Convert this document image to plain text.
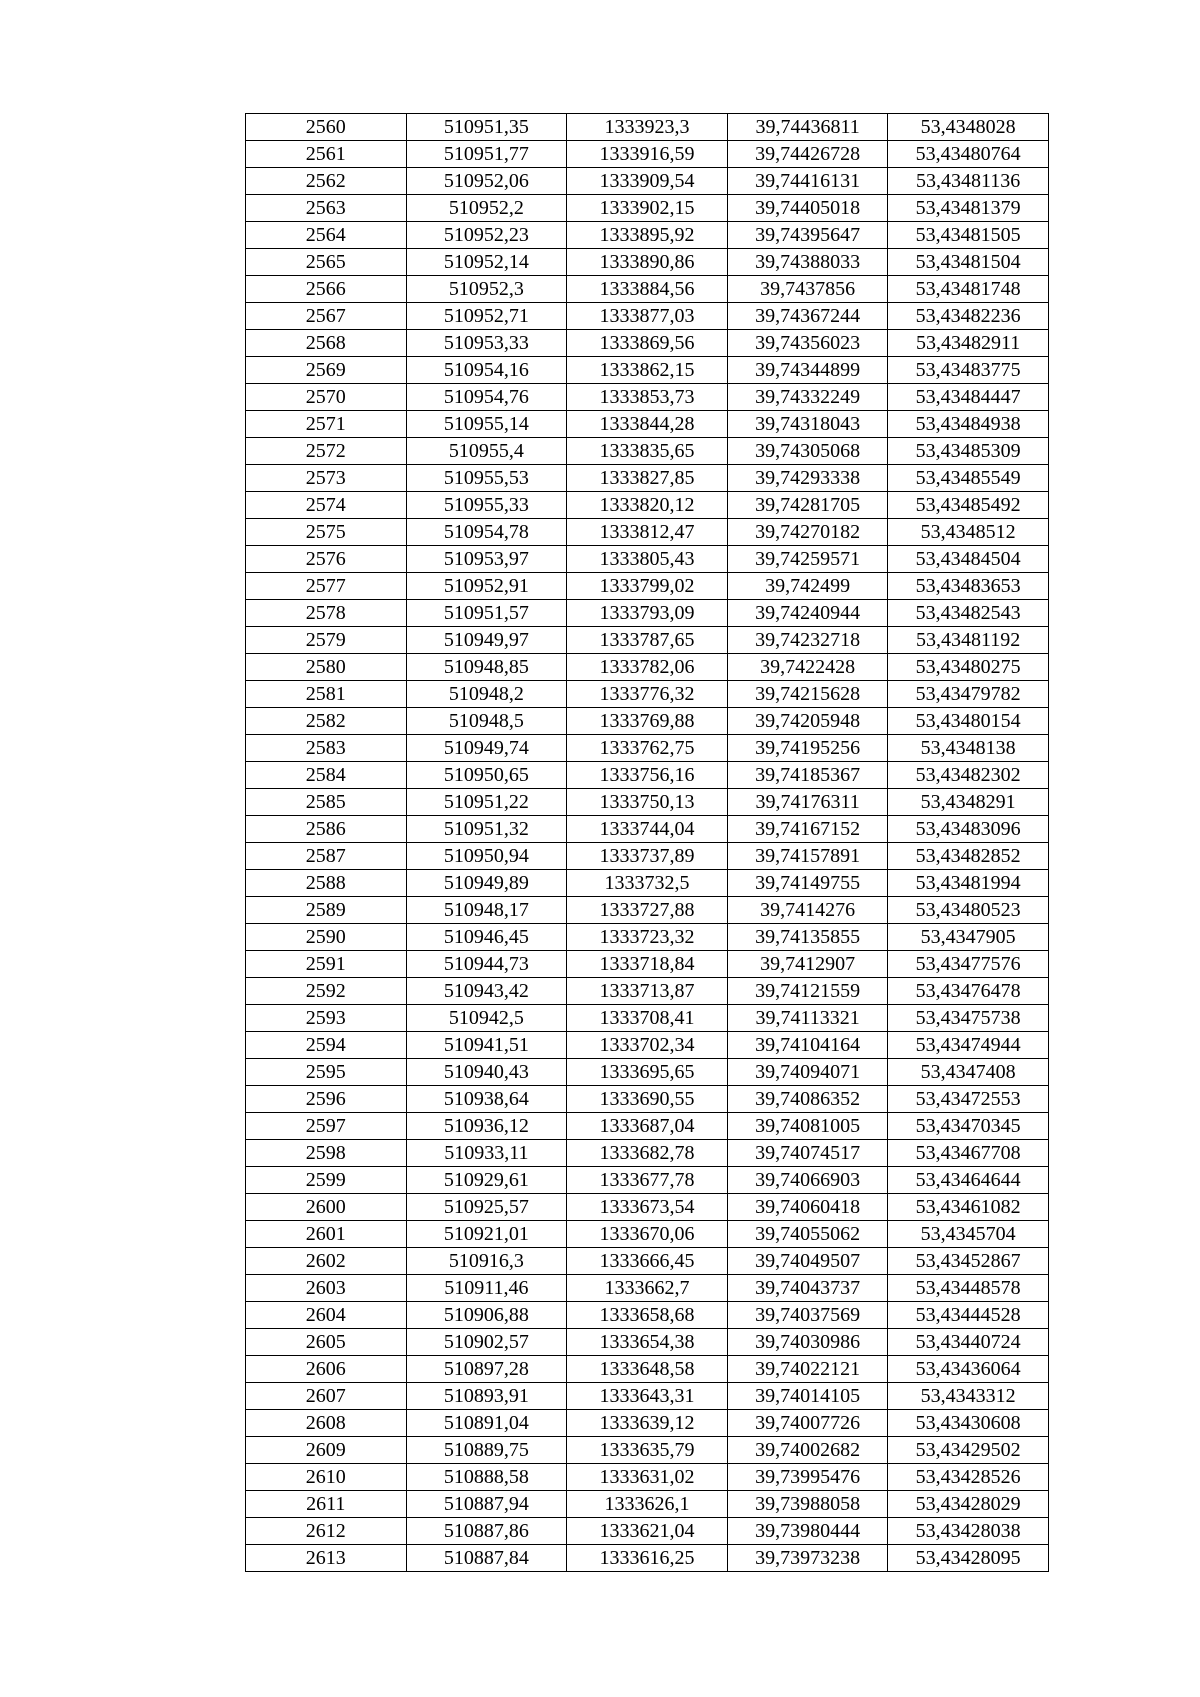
2560	510951,35	1333923,3	39,74436811	53,4348028
2561	510951,77	1333916,59	39,74426728	53,43480764
2562	510952,06	1333909,54	39,74416131	53,43481136
2563	510952,2	1333902,15	39,74405018	53,43481379
2564	510952,23	1333895,92	39,74395647	53,43481505
2565	510952,14	1333890,86	39,74388033	53,43481504
2566	510952,3	1333884,56	39,7437856	53,43481748
2567	510952,71	1333877,03	39,74367244	53,43482236
2568	510953,33	1333869,56	39,74356023	53,43482911
2569	510954,16	1333862,15	39,74344899	53,43483775
2570	510954,76	1333853,73	39,74332249	53,43484447
2571	510955,14	1333844,28	39,74318043	53,43484938
2572	510955,4	1333835,65	39,74305068	53,43485309
2573	510955,53	1333827,85	39,74293338	53,43485549
2574	510955,33	1333820,12	39,74281705	53,43485492
2575	510954,78	1333812,47	39,74270182	53,4348512
2576	510953,97	1333805,43	39,74259571	53,43484504
2577	510952,91	1333799,02	39,742499	53,43483653
2578	510951,57	1333793,09	39,74240944	53,43482543
2579	510949,97	1333787,65	39,74232718	53,43481192
2580	510948,85	1333782,06	39,7422428	53,43480275
2581	510948,2	1333776,32	39,74215628	53,43479782
2582	510948,5	1333769,88	39,74205948	53,43480154
2583	510949,74	1333762,75	39,74195256	53,4348138
2584	510950,65	1333756,16	39,74185367	53,43482302
2585	510951,22	1333750,13	39,74176311	53,4348291
2586	510951,32	1333744,04	39,74167152	53,43483096
2587	510950,94	1333737,89	39,74157891	53,43482852
2588	510949,89	1333732,5	39,74149755	53,43481994
2589	510948,17	1333727,88	39,7414276	53,43480523
2590	510946,45	1333723,32	39,74135855	53,4347905
2591	510944,73	1333718,84	39,7412907	53,43477576
2592	510943,42	1333713,87	39,74121559	53,43476478
2593	510942,5	1333708,41	39,74113321	53,43475738
2594	510941,51	1333702,34	39,74104164	53,43474944
2595	510940,43	1333695,65	39,74094071	53,4347408
2596	510938,64	1333690,55	39,74086352	53,43472553
2597	510936,12	1333687,04	39,74081005	53,43470345
2598	510933,11	1333682,78	39,74074517	53,43467708
2599	510929,61	1333677,78	39,74066903	53,43464644
2600	510925,57	1333673,54	39,74060418	53,43461082
2601	510921,01	1333670,06	39,74055062	53,4345704
2602	510916,3	1333666,45	39,74049507	53,43452867
2603	510911,46	1333662,7	39,74043737	53,43448578
2604	510906,88	1333658,68	39,74037569	53,43444528
2605	510902,57	1333654,38	39,74030986	53,43440724
2606	510897,28	1333648,58	39,74022121	53,43436064
2607	510893,91	1333643,31	39,74014105	53,4343312
2608	510891,04	1333639,12	39,74007726	53,43430608
2609	510889,75	1333635,79	39,74002682	53,43429502
2610	510888,58	1333631,02	39,73995476	53,43428526
2611	510887,94	1333626,1	39,73988058	53,43428029
2612	510887,86	1333621,04	39,73980444	53,43428038
2613	510887,84	1333616,25	39,73973238	53,43428095
